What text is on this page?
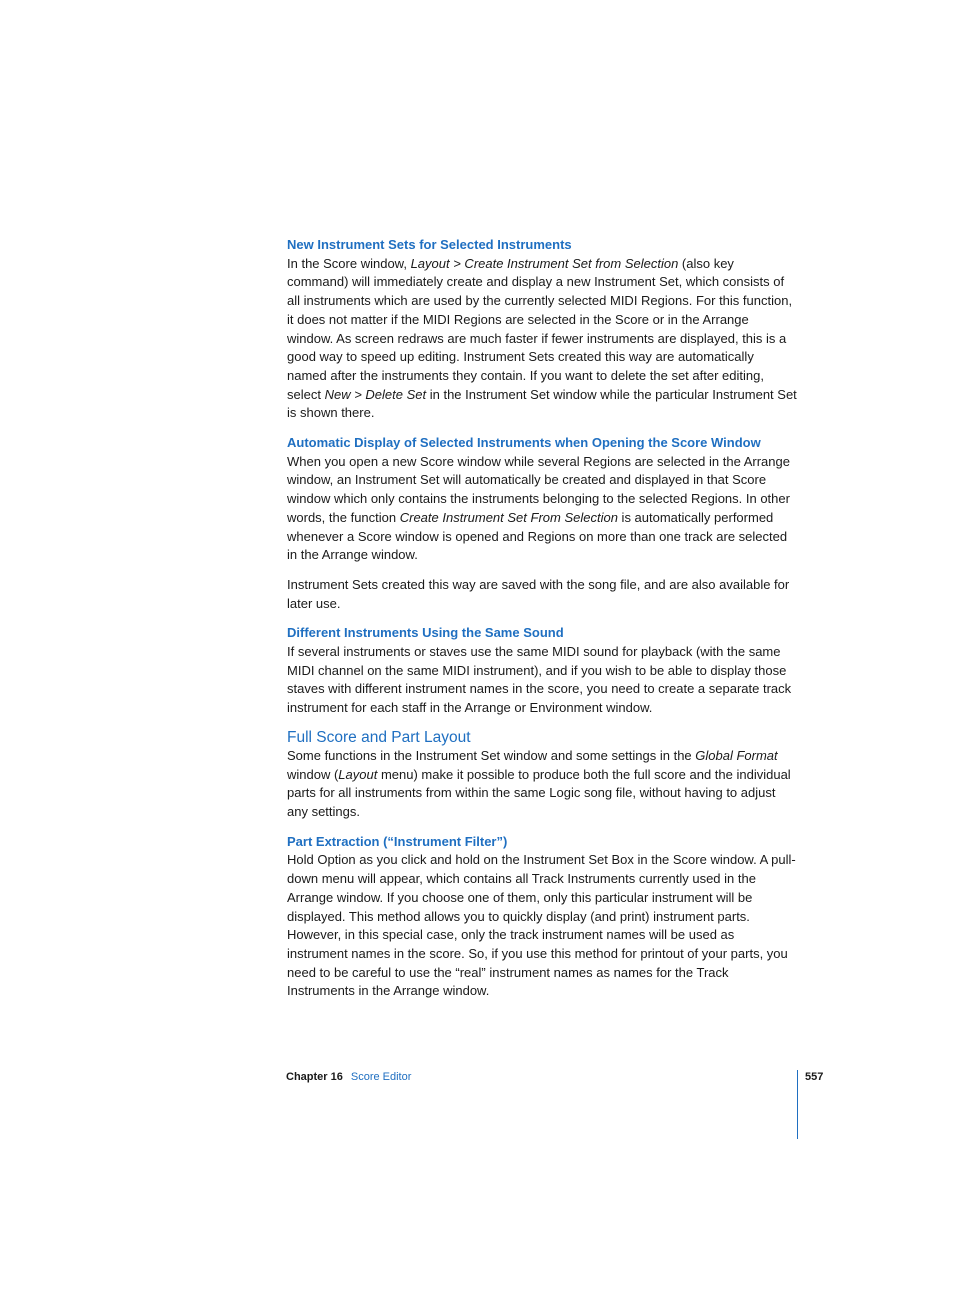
New Instrument Sets for Selected Instruments

In the Score window, Layout > Create Instrument Set from Selection (also key command) will immediately create and display a new Instrument Set, which consists of all instruments which are used by the currently selected MIDI Regions. For this function, it does not matter if the MIDI Regions are selected in the Score or in the Arrange window. As screen redraws are much faster if fewer instruments are displayed, this is a good way to speed up editing. Instrument Sets created this way are automatically named after the instruments they contain. If you want to delete the set after editing, select New > Delete Set in the Instrument Set window while the particular Instrument Set is shown there.

Automatic Display of Selected Instruments when Opening the Score Window

When you open a new Score window while several Regions are selected in the Arrange window, an Instrument Set will automatically be created and displayed in that Score window which only contains the instruments belonging to the selected Regions. In other words, the function Create Instrument Set From Selection is automatically performed whenever a Score window is opened and Regions on more than one track are selected in the Arrange window.

Instrument Sets created this way are saved with the song file, and are also available for later use.

Different Instruments Using the Same Sound

If several instruments or staves use the same MIDI sound for playback (with the same MIDI channel on the same MIDI instrument), and if you wish to be able to display those staves with different instrument names in the score, you need to create a separate track instrument for each staff in the Arrange or Environment window.

Full Score and Part Layout

Some functions in the Instrument Set window and some settings in the Global Format window (Layout menu) make it possible to produce both the full score and the individual parts for all instruments from within the same Logic song file, without having to adjust any settings.

Part Extraction (“Instrument Filter”)

Hold Option as you click and hold on the Instrument Set Box in the Score window. A pull-down menu will appear, which contains all Track Instruments currently used in the Arrange window. If you choose one of them, only this particular instrument will be displayed. This method allows you to quickly display (and print) instrument parts. However, in this special case, only the track instrument names will be used as instrument names in the score. So, if you use this method for printout of your parts, you need to be careful to use the “real” instrument names as names for the Track Instruments in the Arrange window.

Chapter 16 Score Editor	557
